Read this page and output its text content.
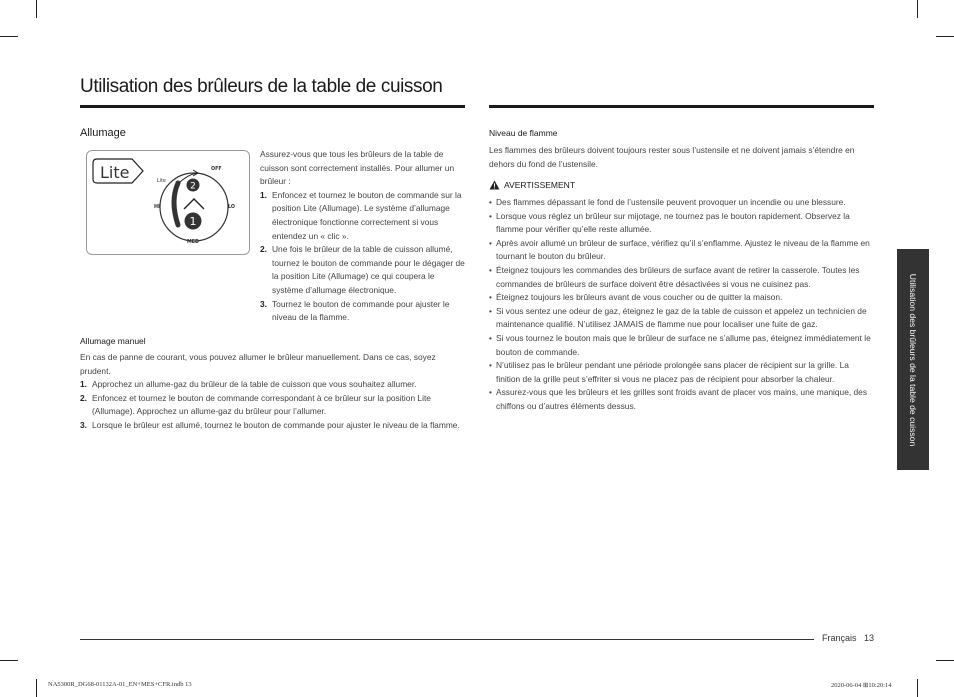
Utilisation des brûleurs de la table de cuisson
Allumage
Lite	Lite
OFF
HI	LO
MED
2
1
Assurez-vous que tous les brûleurs de la table de cuisson sont correctement installés. Pour allumer un brûleur :
1. Enfoncez et tournez le bouton de commande sur la position Lite (Allumage). Le système d’allumage électronique fonctionne correctement si vous entendez un « clic ».
2. Une fois le brûleur de la table de cuisson allumé, tournez le bouton de commande pour le dégager de la position Lite (Allumage) ce qui coupera le système d’allumage électronique.
3. Tournez le bouton de commande pour ajuster le niveau de la flamme.
Allumage manuel
En cas de panne de courant, vous pouvez allumer le brûleur manuellement. Dans ce cas, soyez prudent.
1. Approchez un allume-gaz du brûleur de la table de cuisson que vous souhaitez allumer.
2. Enfoncez et tournez le bouton de commande correspondant à ce brûleur sur la position Lite (Allumage). Approchez un allume-gaz du brûleur pour l’allumer.
3. Lorsque le brûleur est allumé, tournez le bouton de commande pour ajuster le niveau de la flamme.
Niveau de flamme
Les flammes des brûleurs doivent toujours rester sous l’ustensile et ne doivent jamais s’étendre en dehors du fond de l’ustensile.
AVERTISSEMENT
• Des flammes dépassant le fond de l’ustensile peuvent provoquer un incendie ou une blessure.
• Lorsque vous réglez un brûleur sur mijotage, ne tournez pas le bouton rapidement. Observez la flamme pour vérifier qu’elle reste allumée.
• Après avoir allumé un brûleur de surface, vérifiez qu’il s’enflamme. Ajustez le niveau de la flamme en tournant le bouton du brûleur.
• Éteignez toujours les commandes des brûleurs de surface avant de retirer la casserole. Toutes les commandes de brûleurs de surface doivent être désactivées si vous ne cuisinez pas.
• Éteignez toujours les brûleurs avant de vous coucher ou de quitter la maison.
• Si vous sentez une odeur de gaz, éteignez le gaz de la table de cuisson et appelez un technicien de maintenance qualifié. N’utilisez JAMAIS de flamme nue pour localiser une fuite de gaz.
• Si vous tournez le bouton mais que le brûleur de surface ne s’allume pas, éteignez immédiatement le bouton de commande.
• N’utilisez pas le brûleur pendant une période prolongée sans placer de récipient sur la grille. La finition de la grille peut s’effriter si vous ne placez pas de récipient pour absorber la chaleur.
• Assurez-vous que les brûleurs et les grilles sont froids avant de placer vos mains, une manique, des chiffons ou d’autres éléments dessus.	Utilisation des brûleurs de la table de cuisson
Français 13
NA5300R_DG68-01132A-01_EN+MES+CFR.indb 13	2020-06-04 ⊞10:20:14
